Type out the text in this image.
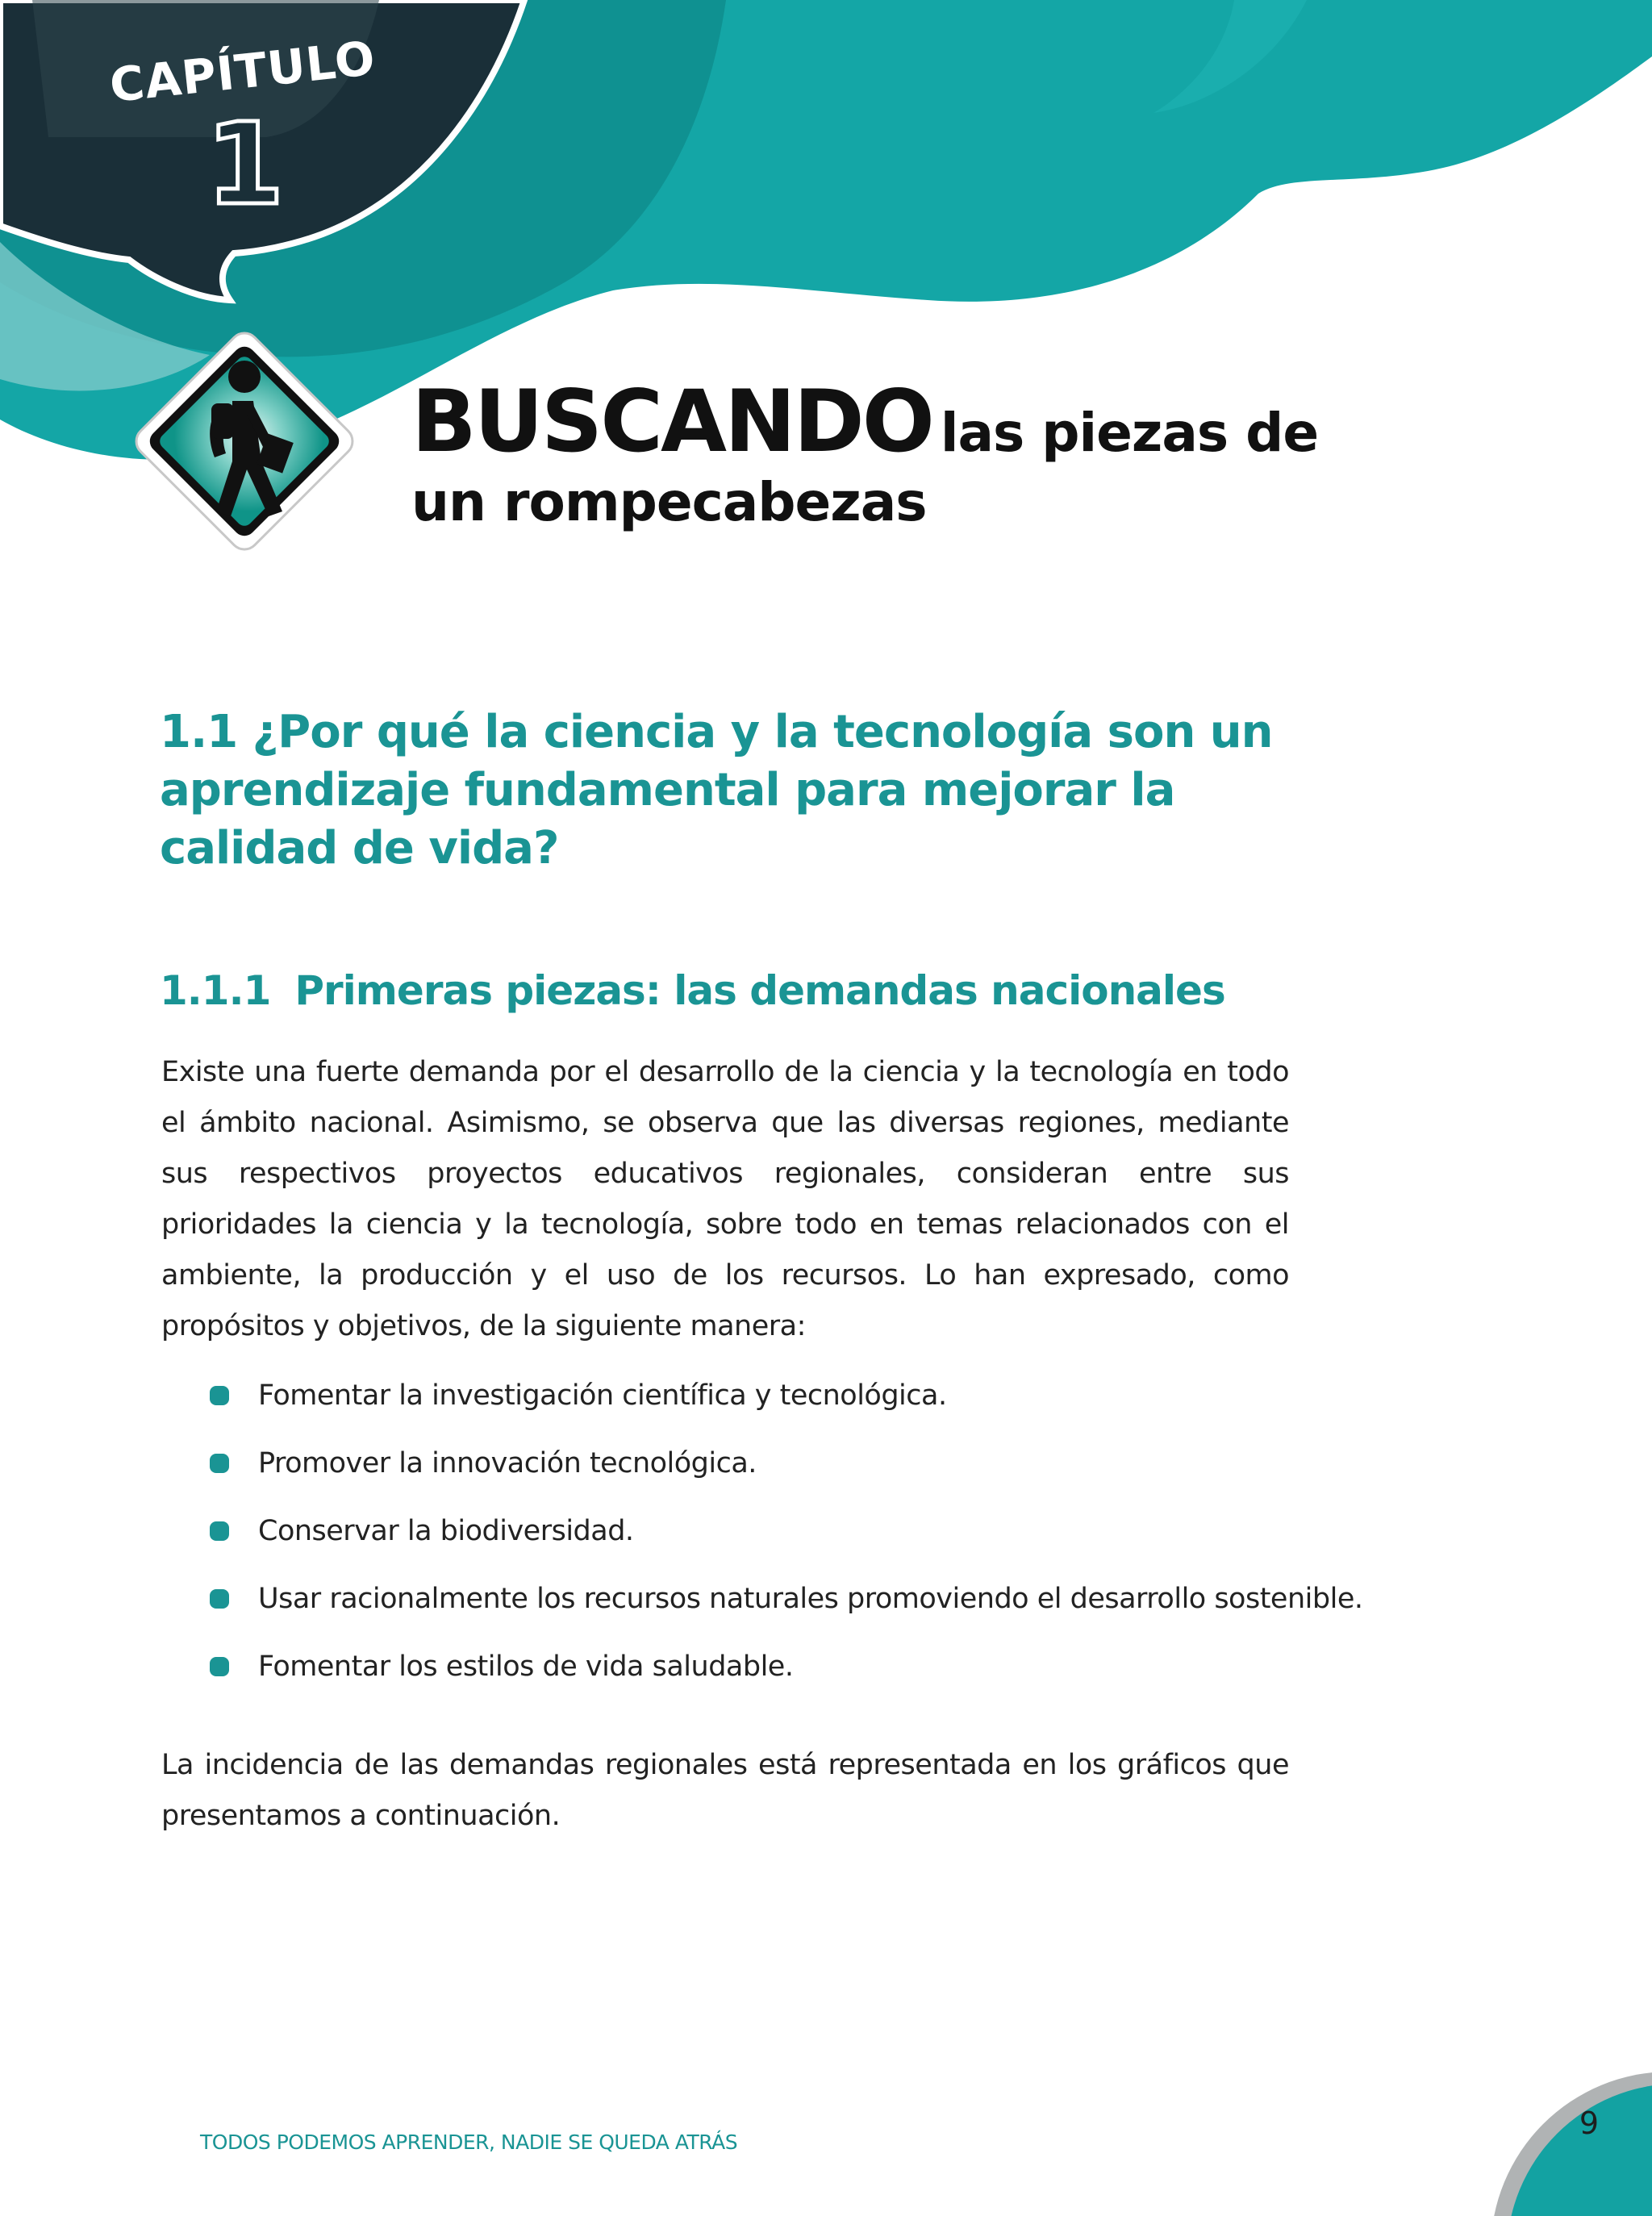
CAPÍTULO
1
BUSCANDO las piezas de
un rompecabezas
1.1 ¿Por qué la ciencia y la tecnología son un aprendizaje fundamental para mejorar la calidad de vida?
1.1.1 Primeras piezas: las demandas nacionales
Existe una fuerte demanda por el desarrollo de la ciencia y la tecnología en todo el ámbito nacional. Asimismo, se observa que las diversas regiones, mediante sus respectivos proyectos educativos regionales, consideran entre sus prioridades la ciencia y la tecnología, sobre todo en temas relacionados con el ambiente, la producción y el uso de los recursos. Lo han expresado, como propósitos y objetivos, de la siguiente manera:
Fomentar la investigación científica y tecnológica.
Promover la innovación tecnológica.
Conservar la biodiversidad.
Usar racionalmente los recursos naturales promoviendo el desarrollo sostenible.
Fomentar los estilos de vida saludable.
La incidencia de las demandas regionales está representada en los gráficos que presentamos a continuación.
TODOS PODEMOS APRENDER, NADIE SE QUEDA ATRÁS
9
